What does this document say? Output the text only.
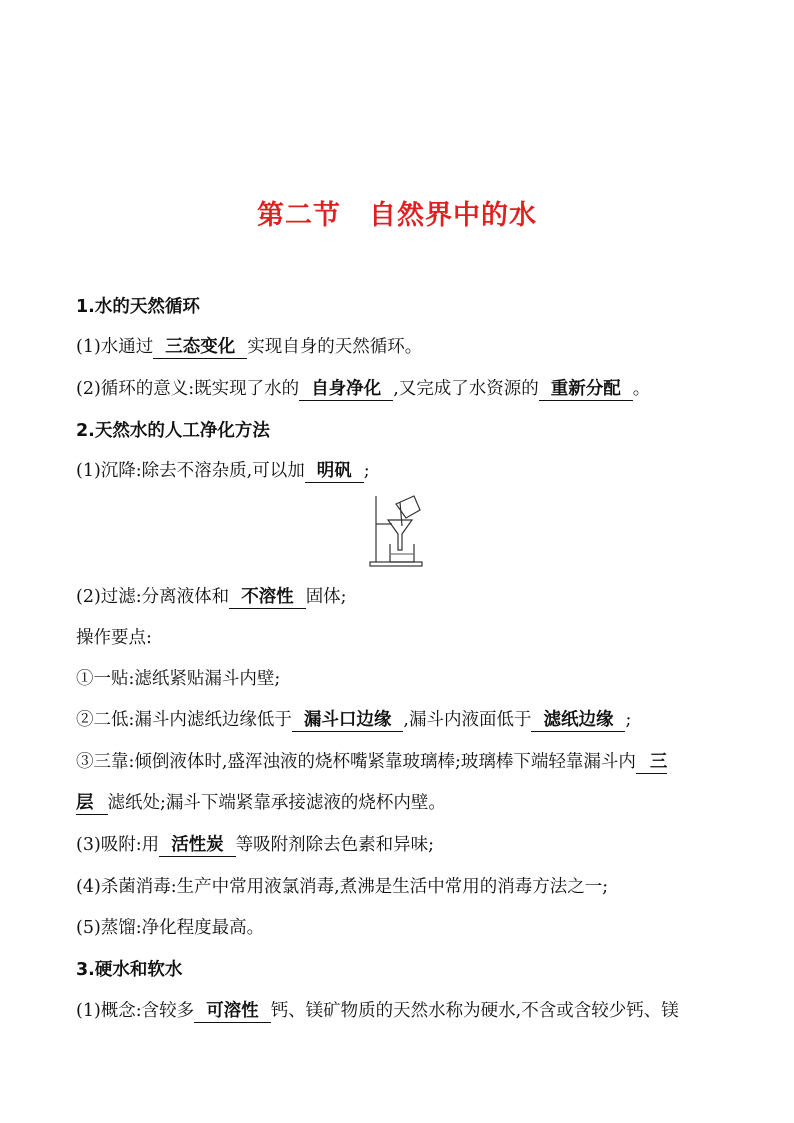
第二节　自然界中的水
1.水的天然循环
(1)水通过 三态变化 实现自身的天然循环。
(2)循环的意义:既实现了水的 自身净化 ,又完成了水资源的 重新分配 。
2.天然水的人工净化方法
(1)沉降:除去不溶杂质,可以加 明矾 ;
(2)过滤:分离液体和 不溶性 固体;
操作要点:
①一贴:滤纸紧贴漏斗内壁;
②二低:漏斗内滤纸边缘低于 漏斗口边缘 ,漏斗内液面低于 滤纸边缘 ;
③三靠:倾倒液体时,盛浑浊液的烧杯嘴紧靠玻璃棒;玻璃棒下端轻靠漏斗内 三
层 滤纸处;漏斗下端紧靠承接滤液的烧杯内壁。
(3)吸附:用 活性炭 等吸附剂除去色素和异味;
(4)杀菌消毒:生产中常用液氯消毒,煮沸是生活中常用的消毒方法之一;
(5)蒸馏:净化程度最高。
3.硬水和软水
(1)概念:含较多 可溶性 钙、镁矿物质的天然水称为硬水,不含或含较少钙、镁
